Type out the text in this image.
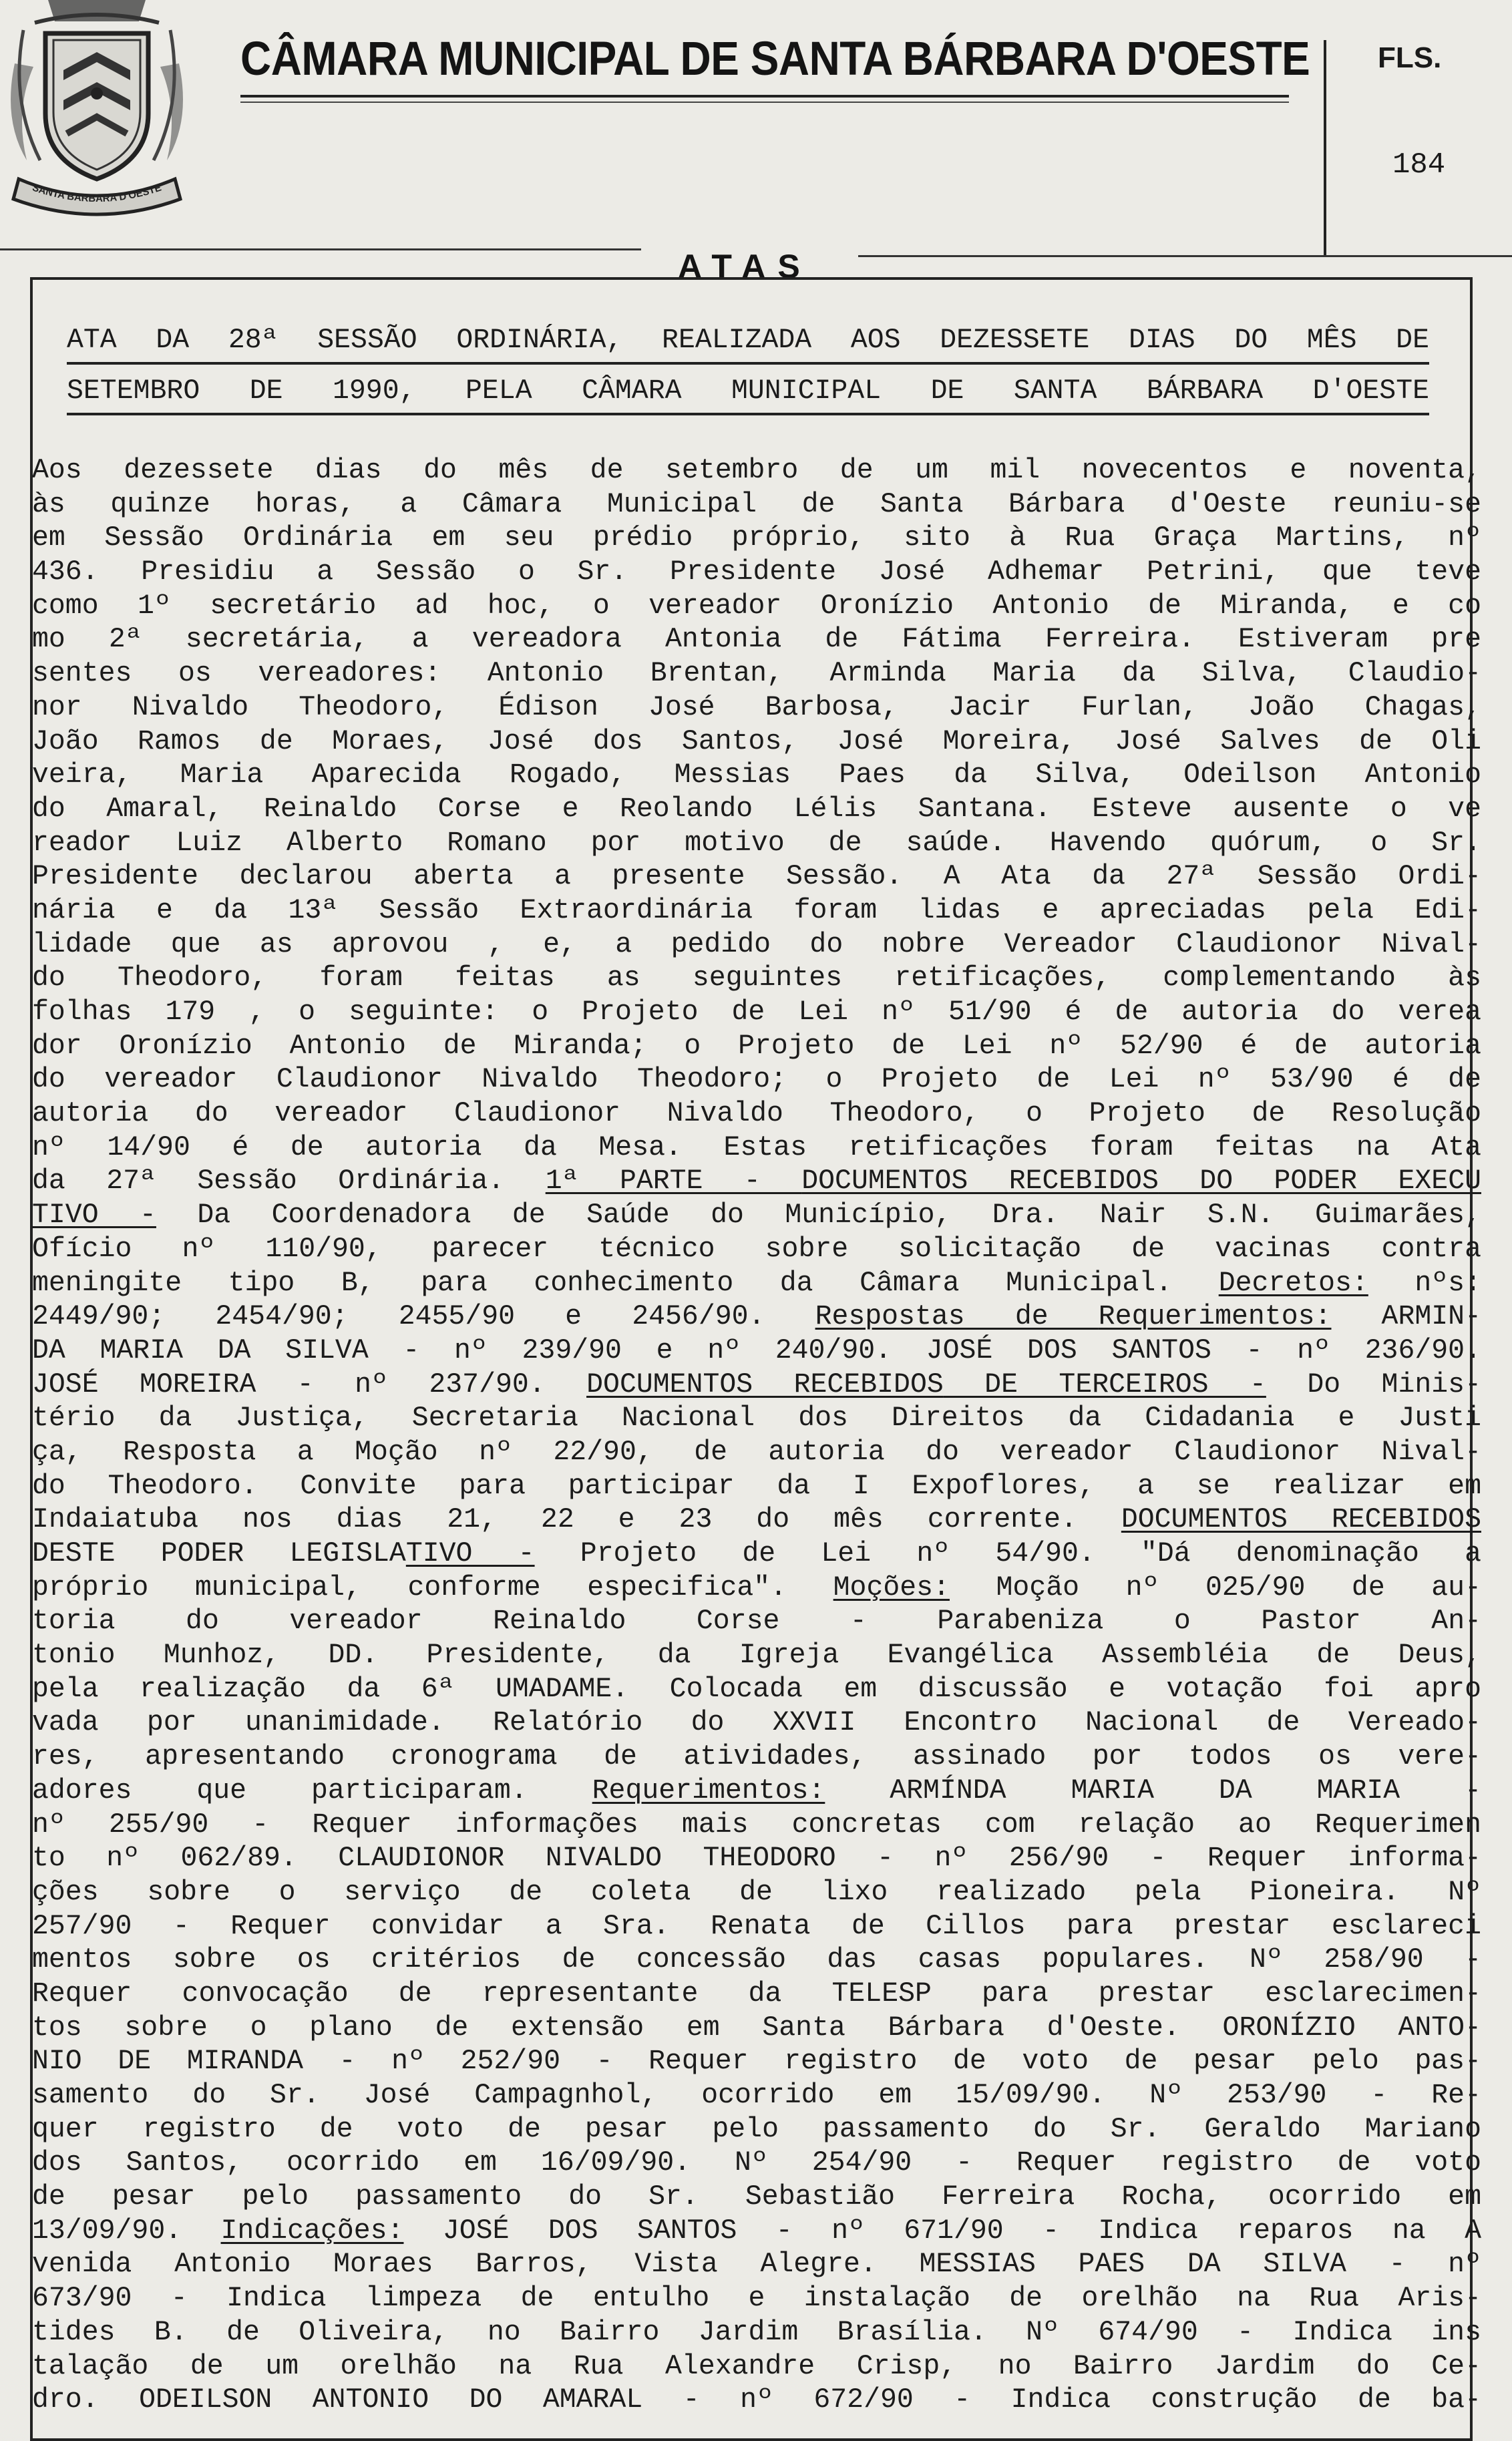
SANTA BARBARA D'OESTE
CÂMARA MUNICIPAL DE SANTA BÁRBARA D'OESTE FLS.
184
ATAS
ATA DA 28ª SESSÃO ORDINÁRIA, REALIZADA AOS DEZESSETE DIAS DO MÊS DE
SETEMBRO DE 1990, PELA CÂMARA MUNICIPAL DE SANTA BÁRBARA D'OESTE
Aos dezessete dias do mês de setembro de um mil novecentos e noventa,
às quinze horas, a Câmara Municipal de Santa Bárbara d'Oeste reuniu-se
em Sessão Ordinária em seu prédio próprio, sito à Rua Graça Martins, nº
436. Presidiu a Sessão o Sr. Presidente José Adhemar Petrini, que teve
como 1º secretário ad hoc, o vereador Oronízio Antonio de Miranda, e co
mo 2ª secretária, a vereadora Antonia de Fátima Ferreira. Estiveram pre
sentes os vereadores: Antonio Brentan, Arminda Maria da Silva, Claudio-
nor Nivaldo Theodoro, Édison José Barbosa, Jacir Furlan, João Chagas,
João Ramos de Moraes, José dos Santos, José Moreira, José Salves de Oli
veira, Maria Aparecida Rogado, Messias Paes da Silva, Odeilson Antonio
do Amaral, Reinaldo Corse e Reolando Lélis Santana. Esteve ausente o ve
reador Luiz Alberto Romano por motivo de saúde. Havendo quórum, o Sr.
Presidente declarou aberta a presente Sessão. A Ata da 27ª Sessão Ordi-
nária e da 13ª Sessão Extraordinária foram lidas e apreciadas pela Edi-
lidade que as aprovou , e, a pedido do nobre Vereador Claudionor Nival-
do Theodoro, foram feitas as seguintes retificações, complementando às
folhas 179 , o seguinte: o Projeto de Lei nº 51/90 é de autoria do verea
dor Oronízio Antonio de Miranda; o Projeto de Lei nº 52/90 é de autoria
do vereador Claudionor Nivaldo Theodoro; o Projeto de Lei nº 53/90 é de
autoria do vereador Claudionor Nivaldo Theodoro, o Projeto de Resolução
nº 14/90 é de autoria da Mesa. Estas retificações foram feitas na Ata
da 27ª Sessão Ordinária. 1ª PARTE - DOCUMENTOS RECEBIDOS DO PODER EXECU
TIVO - Da Coordenadora de Saúde do Município, Dra. Nair S.N. Guimarães,
Ofício nº 110/90, parecer técnico sobre solicitação de vacinas contra
meningite tipo B, para conhecimento da Câmara Municipal. Decretos: nºs:
2449/90; 2454/90; 2455/90 e 2456/90. Respostas de Requerimentos: ARMIN-
DA MARIA DA SILVA - nº 239/90 e nº 240/90. JOSÉ DOS SANTOS - nº 236/90.
JOSÉ MOREIRA - nº 237/90. DOCUMENTOS RECEBIDOS DE TERCEIROS - Do Minis-
tério da Justiça, Secretaria Nacional dos Direitos da Cidadania e Justi
ça, Resposta a Moção nº 22/90, de autoria do vereador Claudionor Nival-
do Theodoro. Convite para participar da I Expoflores, a se realizar em
Indaiatuba nos dias 21, 22 e 23 do mês corrente. DOCUMENTOS RECEBIDOS
DESTE PODER LEGISLATIVO - Projeto de Lei nº 54/90. "Dá denominação a
próprio municipal, conforme especifica". Moções: Moção nº 025/90 de au-
toria do vereador Reinaldo Corse - Parabeniza o Pastor An-
tonio Munhoz, DD. Presidente, da Igreja Evangélica Assembléia de Deus,
pela realização da 6ª UMADAME. Colocada em discussão e votação foi apro
vada por unanimidade. Relatório do XXVII Encontro Nacional de Vereado-
res, apresentando cronograma de atividades, assinado por todos os vere-
adores que participaram. Requerimentos: ARMÍNDA MARIA DA MARIA -
nº 255/90 - Requer informações mais concretas com relação ao Requerimen
to nº 062/89. CLAUDIONOR NIVALDO THEODORO - nº 256/90 - Requer informa-
ções sobre o serviço de coleta de lixo realizado pela Pioneira. Nº
257/90 - Requer convidar a Sra. Renata de Cillos para prestar esclareci
mentos sobre os critérios de concessão das casas populares. Nº 258/90 -
Requer convocação de representante da TELESP para prestar esclarecimen-
tos sobre o plano de extensão em Santa Bárbara d'Oeste. ORONÍZIO ANTO-
NIO DE MIRANDA - nº 252/90 - Requer registro de voto de pesar pelo pas-
samento do Sr. José Campagnhol, ocorrido em 15/09/90. Nº 253/90 - Re-
quer registro de voto de pesar pelo passamento do Sr. Geraldo Mariano
dos Santos, ocorrido em 16/09/90. Nº 254/90 - Requer registro de voto
de pesar pelo passamento do Sr. Sebastião Ferreira Rocha, ocorrido em
13/09/90. Indicações: JOSÉ DOS SANTOS - nº 671/90 - Indica reparos na A
venida Antonio Moraes Barros, Vista Alegre. MESSIAS PAES DA SILVA - nº
673/90 - Indica limpeza de entulho e instalação de orelhão na Rua Aris-
tides B. de Oliveira, no Bairro Jardim Brasília. Nº 674/90 - Indica ins
talação de um orelhão na Rua Alexandre Crisp, no Bairro Jardim do Ce-
dro. ODEILSON ANTONIO DO AMARAL - nº 672/90 - Indica construção de ba-
